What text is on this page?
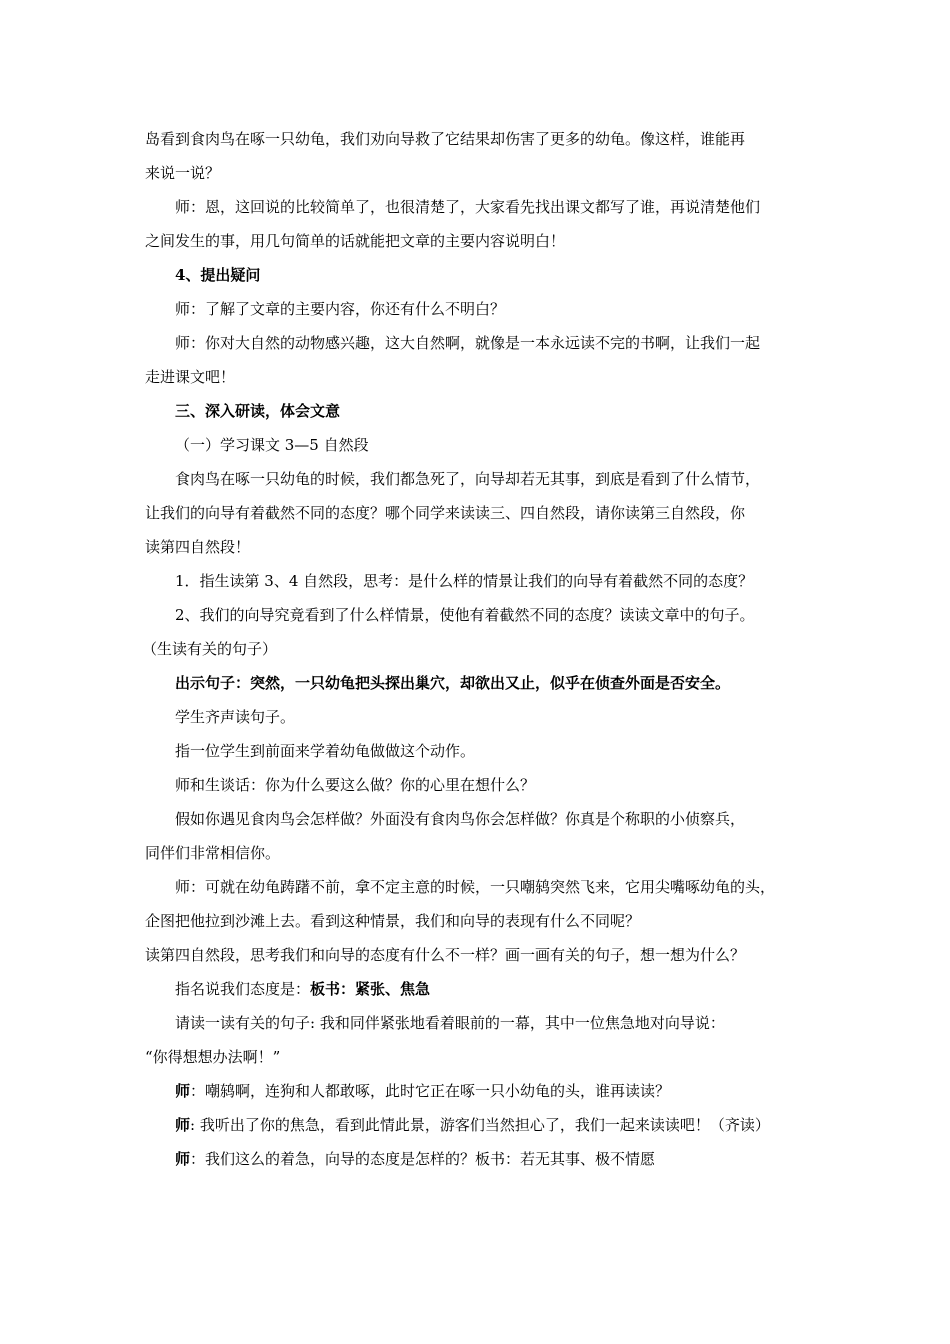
岛看到食肉鸟在啄一只幼龟，我们劝向导救了它结果却伤害了更多的幼龟。像这样，谁能再

来说一说？

师：恩，这回说的比较简单了，也很清楚了，大家看先找出课文都写了谁，再说清楚他们

之间发生的事，用几句简单的话就能把文章的主要内容说明白！

4、提出疑问

师：了解了文章的主要内容，你还有什么不明白？

师：你对大自然的动物感兴趣，这大自然啊，就像是一本永远读不完的书啊，让我们一起

走进课文吧！

三、深入研读，体会文意

（一）学习课文 3—5 自然段

食肉鸟在啄一只幼龟的时候，我们都急死了，向导却若无其事，到底是看到了什么情节，

让我们的向导有着截然不同的态度？哪个同学来读读三、四自然段，请你读第三自然段，你

读第四自然段！

1．指生读第 3、4 自然段，思考：是什么样的情景让我们的向导有着截然不同的态度？

2、我们的向导究竟看到了什么样情景，使他有着截然不同的态度？读读文章中的句子。

（生读有关的句子）

出示句子：突然，一只幼龟把头探出巢穴，却欲出又止，似乎在侦查外面是否安全。

学生齐声读句子。

指一位学生到前面来学着幼龟做做这个动作。

师和生谈话：你为什么要这么做？你的心里在想什么？

假如你遇见食肉鸟会怎样做？外面没有食肉鸟你会怎样做？你真是个称职的小侦察兵，

同伴们非常相信你。

师：可就在幼龟踌躇不前，拿不定主意的时候，一只嘲鸫突然飞来，它用尖嘴啄幼龟的头，

企图把他拉到沙滩上去。看到这种情景，我们和向导的表现有什么不同呢？

读第四自然段，思考我们和向导的态度有什么不一样？画一画有关的句子，想一想为什么？

指名说我们态度是：板书：紧张、焦急

请读一读有关的句子: 我和同伴紧张地看着眼前的一幕，其中一位焦急地对向导说：

“你得想想办法啊！”

师：嘲鸫啊，连狗和人都敢啄，此时它正在啄一只小幼龟的头，谁再读读？

师: 我听出了你的焦急，看到此情此景，游客们当然担心了，我们一起来读读吧！（齐读）

师：我们这么的着急，向导的态度是怎样的？板书：若无其事、极不情愿
